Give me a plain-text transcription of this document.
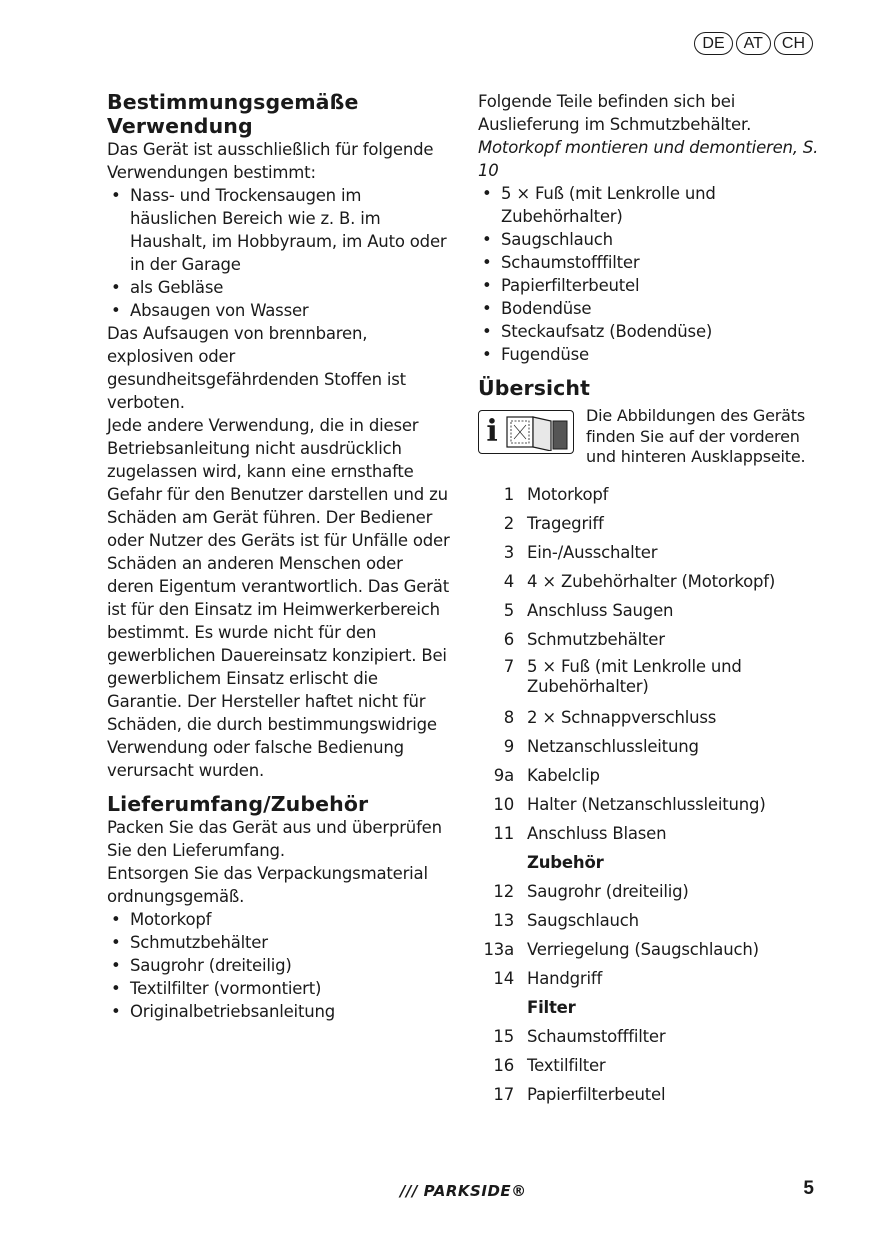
DE	AT	CH
Bestimmungsgemäße Verwendung

Das Gerät ist ausschließlich für folgende Verwendungen bestimmt:

• Nass- und Trockensaugen im häuslichen Bereich wie z. B. im Haushalt, im Hobbyraum, im Auto oder in der Garage
• als Gebläse
• Absaugen von Wasser

Das Aufsaugen von brennbaren, explosiven oder gesundheitsgefährdenden Stoffen ist verboten.

Jede andere Verwendung, die in dieser Betriebsanleitung nicht ausdrücklich zugelassen wird, kann eine ernsthafte Gefahr für den Benutzer darstellen und zu Schäden am Gerät führen. Der Bediener oder Nutzer des Geräts ist für Unfälle oder Schäden an anderen Menschen oder deren Eigentum verantwortlich. Das Gerät ist für den Einsatz im Heimwerkerbereich bestimmt. Es wurde nicht für den gewerblichen Dauereinsatz konzipiert. Bei gewerblichem Einsatz erlischt die Garantie. Der Hersteller haftet nicht für Schäden, die durch bestimmungswidrige Verwendung oder falsche Bedienung verursacht wurden.

Lieferumfang/Zubehör

Packen Sie das Gerät aus und überprüfen Sie den Lieferumfang.

Entsorgen Sie das Verpackungsmaterial ordnungsgemäß.

• Motorkopf
• Schmutzbehälter
• Saugrohr (dreiteilig)
• Textilfilter (vormontiert)
• Originalbetriebsanleitung

Folgende Teile befinden sich bei Auslieferung im Schmutzbehälter. Motorkopf montieren und demontieren, S. 10

• 5 × Fuß (mit Lenkrolle und Zubehörhalter)
• Saugschlauch
• Schaumstofffilter
• Papierfilterbeutel
• Bodendüse
• Steckaufsatz (Bodendüse)
• Fugendüse
Übersicht
i	Die Abbildungen des Geräts finden Sie auf der vorderen und hinteren Ausklappseite.
1 Motorkopf
2 Tragegriff
3 Ein-/Ausschalter
4 4 × Zubehörhalter (Motorkopf)
5 Anschluss Saugen
6 Schmutzbehälter
7 5 × Fuß (mit Lenkrolle und Zubehörhalter)
8 2 × Schnappverschluss
9 Netzanschlussleitung
9a Kabelclip
10 Halter (Netzanschlussleitung)
11 Anschluss Blasen
Zubehör
12 Saugrohr (dreiteilig)
13 Saugschlauch
13a Verriegelung (Saugschlauch)
14 Handgriff
Filter
15 Schaumstofffilter
16 Textilfilter
17 Papierfilterbeutel
/// PARKSIDE®	5
